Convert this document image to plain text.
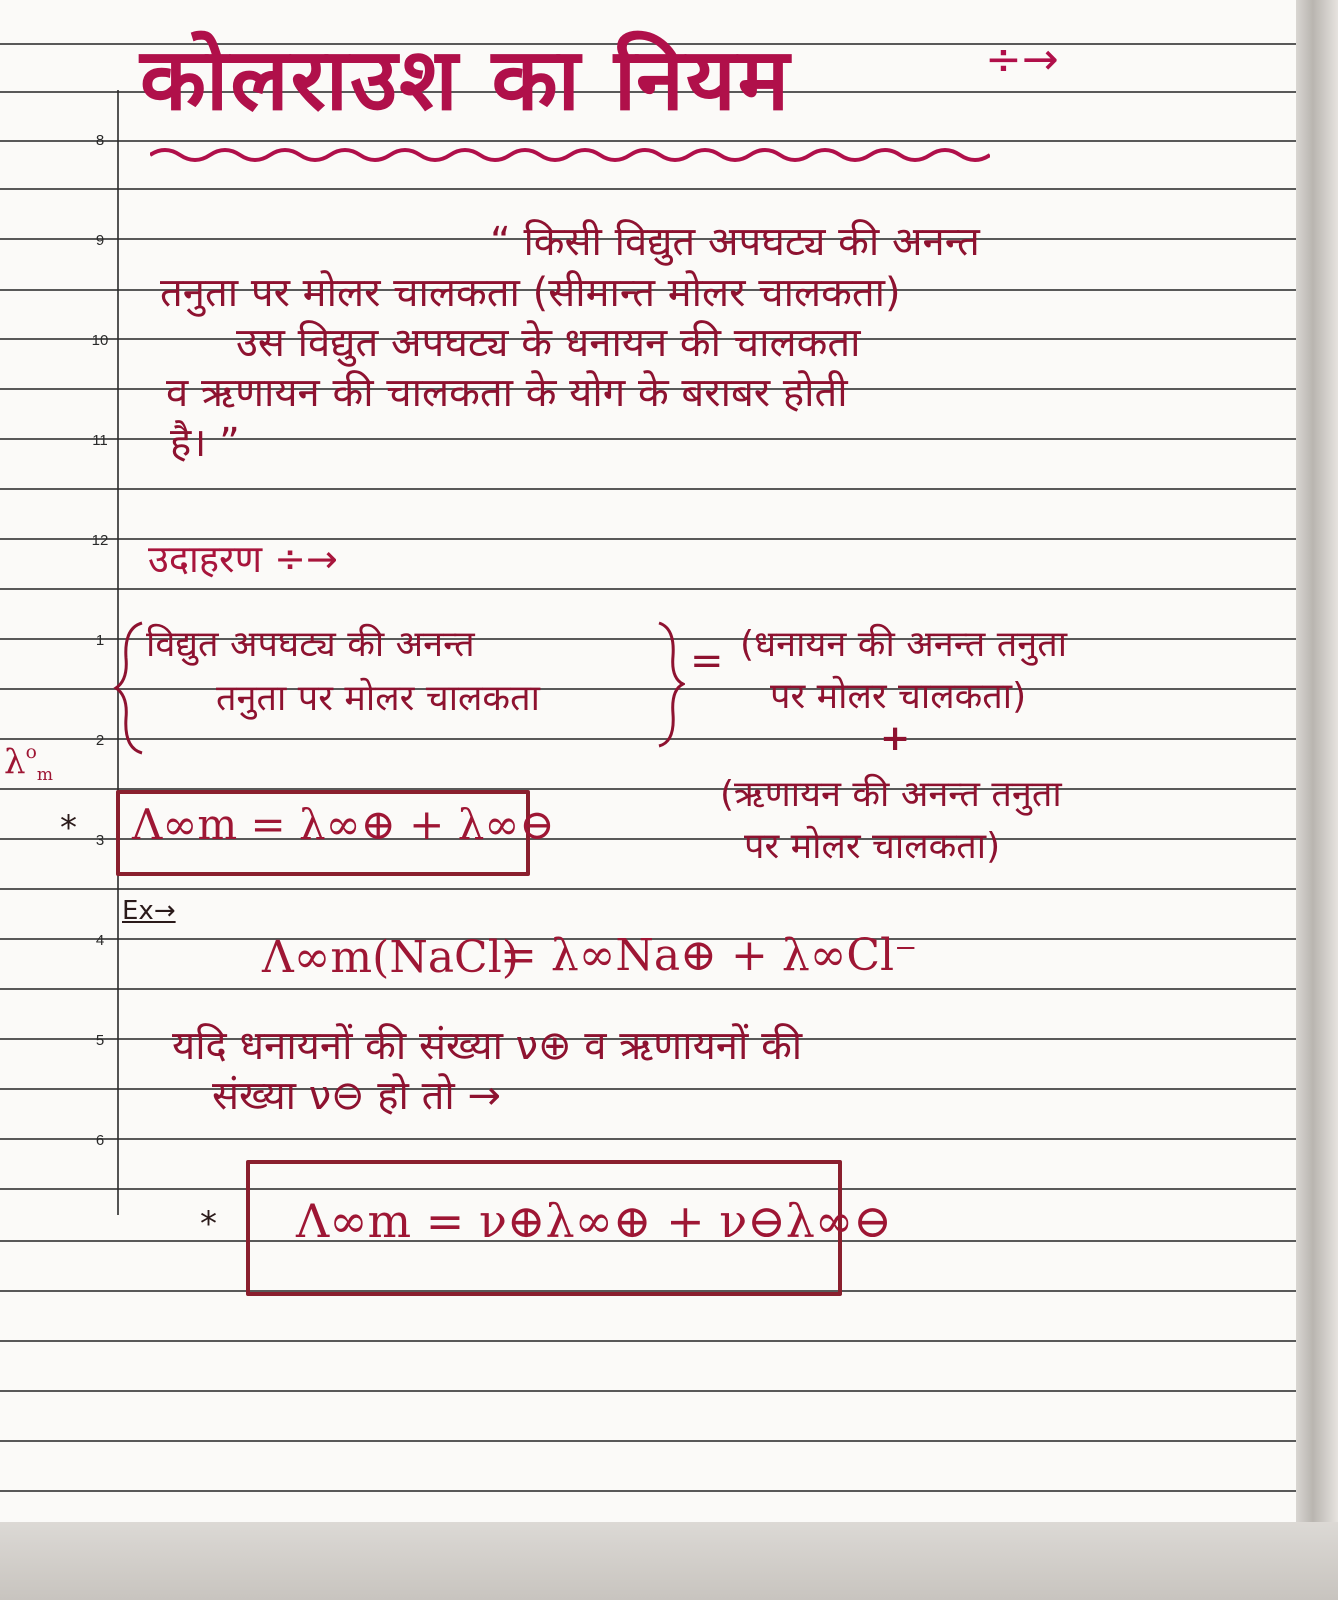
8
9
10
11
12
1
2
3
4
5
6
कोलराउश का नियम	÷→
“ किसी विद्युत अपघट्य की अनन्त
तनुता पर मोलर चालकता (सीमान्त मोलर चालकता)
उस विद्युत अपघट्य के धनायन की चालकता
व ऋणायन की चालकता के योग के बराबर होती
है। ”
उदाहरण ÷→
विद्युत अपघट्य की अनन्त
तनुता पर मोलर चालकता
= (धनायन की अनन्त तनुता
पर मोलर चालकता)
+
(ऋणायन की अनन्त तनुता
पर मोलर चालकता)
$\lambda^o_m$
* Λ∞m = λ∞⊕ + λ∞⊖
Ex→
Λ∞m(NaCl)
= λ∞Na⊕ + λ∞Cl⁻
यदि धनायनों की संख्या ν⊕ व ऋणायनों की
संख्या ν⊖ हो तो →
* Λ∞m = ν⊕λ∞⊕ + ν⊖λ∞⊖
